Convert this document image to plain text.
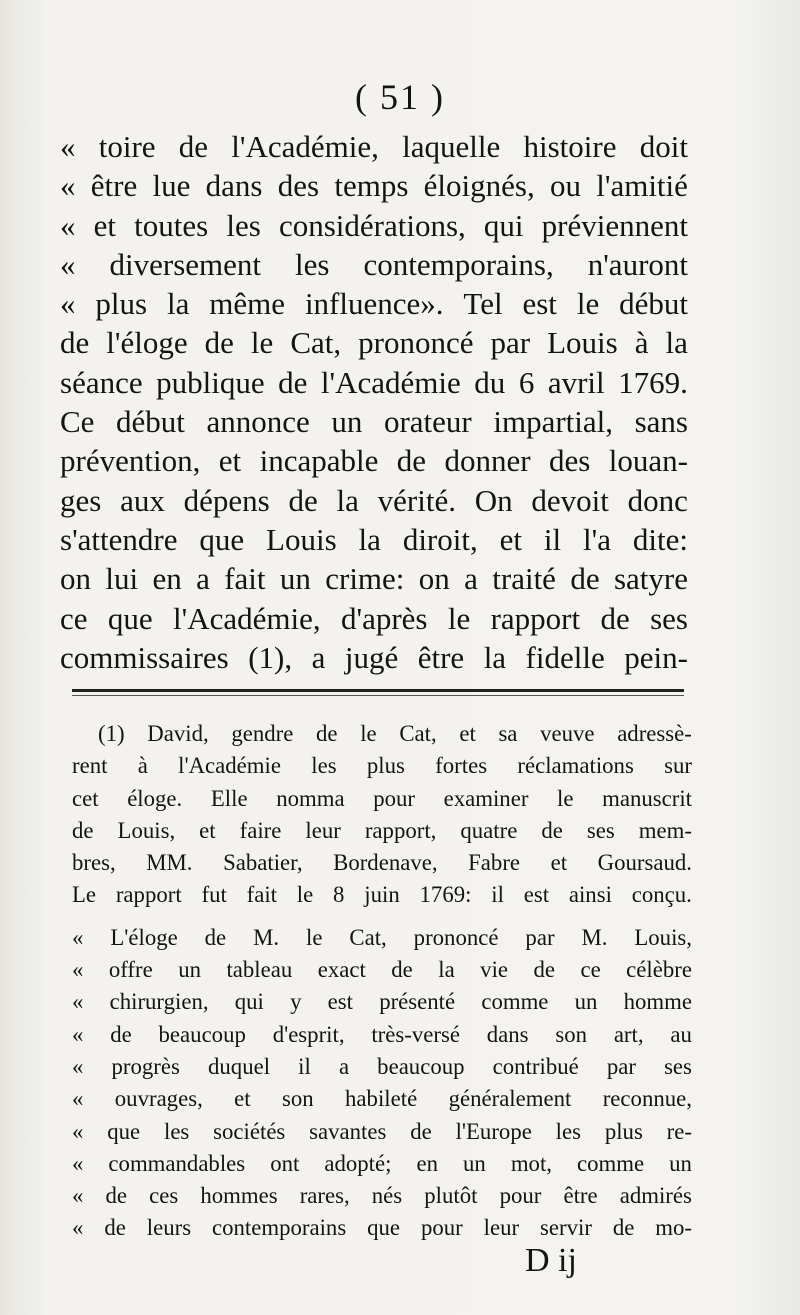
( 51 )
« toire de l'Académie, laquelle histoire doit
« être lue dans des temps éloignés, ou l'amitié
« et toutes les considérations, qui préviennent
« diversement les contemporains, n'auront
« plus la même influence». Tel est le début
de l'éloge de le Cat, prononcé par Louis à la
séance publique de l'Académie du 6 avril 1769.
Ce début annonce un orateur impartial, sans
prévention, et incapable de donner des louan-
ges aux dépens de la vérité. On devoit donc
s'attendre que Louis la diroit, et il l'a dite:
on lui en a fait un crime: on a traité de satyre
ce que l'Académie, d'après le rapport de ses
commissaires (1), a jugé être la fidelle pein-
(1) David, gendre de le Cat, et sa veuve adressè-
rent à l'Académie les plus fortes réclamations sur
cet éloge. Elle nomma pour examiner le manuscrit
de Louis, et faire leur rapport, quatre de ses mem-
bres, MM. Sabatier, Bordenave, Fabre et Goursaud.
Le rapport fut fait le 8 juin 1769: il est ainsi conçu.
« L'éloge de M. le Cat, prononcé par M. Louis,
« offre un tableau exact de la vie de ce célèbre
« chirurgien, qui y est présenté comme un homme
« de beaucoup d'esprit, très-versé dans son art, au
« progrès duquel il a beaucoup contribué par ses
« ouvrages, et son habileté généralement reconnue,
« que les sociétés savantes de l'Europe les plus re-
« commandables ont adopté; en un mot, comme un
« de ces hommes rares, nés plutôt pour être admirés
« de leurs contemporains que pour leur servir de mo-
D ij
